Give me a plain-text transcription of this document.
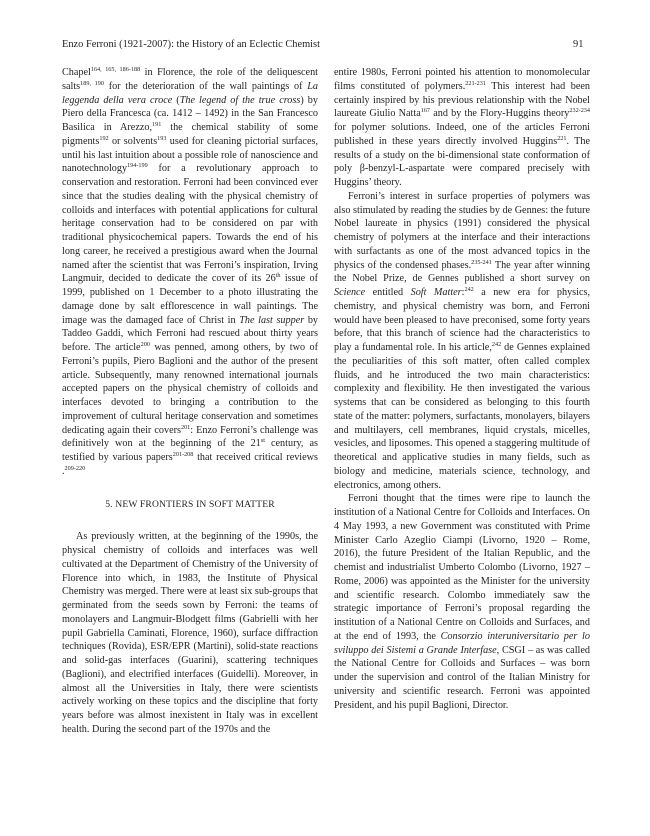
Enzo Ferroni (1921-2007): the History of an Eclectic Chemist	91

Chapel$^{164, 165, 186-188}$ in Florence, the role of the deliquescent salts$^{189, 190}$ for the deterioration of the wall paintings of La leggenda della vera croce (The legend of the true cross) by Piero della Francesca (ca. 1412 – 1492) in the San Francesco Basilica in Arezzo,$^{191}$ the chemical stability of some pigments$^{192}$ or solvents$^{193}$ used for cleaning pictorial surfaces, until his last intuition about a possible role of nanoscience and nanotechnology$^{194-199}$ for a revolutionary approach to conservation and restoration. Ferroni had been convinced ever since that the studies dealing with the physical chemistry of colloids and interfaces with potential applications for cultural heritage conservation had to be considered on par with traditional physicochemical papers. Towards the end of his long career, he received a prestigious award when the Journal named after the scientist that was Ferroni’s inspiration, Irving Langmuir, decided to dedicate the cover of its 26th issue of 1999, published on 1 December to a photo illustrating the damage done by salt efflorescence in wall paintings. The image was the damaged face of Christ in The last supper by Taddeo Gaddi, which Ferroni had rescued about thirty years before. The article$^{200}$ was penned, among others, by two of Ferroni’s pupils, Piero Baglioni and the author of the present article. Subsequently, many renowned international journals accepted papers on the physical chemistry of colloids and interfaces devoted to bringing a contribution to the improvement of cultural heritage conservation and sometimes dedicating again their covers$^{201}$: Enzo Ferroni’s challenge was definitively won at the beginning of the 21st century, as testified by various papers$^{201-208}$ that received critical reviews .$^{209-220}$

5. NEW FRONTIERS IN SOFT MATTER

As previously written, at the beginning of the 1990s, the physical chemistry of colloids and interfaces was well cultivated at the Department of Chemistry of the University of Florence into which, in 1983, the Institute of Physical Chemistry was merged. There were at least six sub-groups that germinated from the seeds sown by Ferroni: the teams of monolayers and Langmuir-Blodgett films (Gabrielli with her pupil Gabriella Caminati, Florence, 1960), surface diffraction techniques (Rovida), ESR/EPR (Martini), solid-state reactions and solid-gas interfaces (Guarini), scattering techniques (Baglioni), and electrified interfaces (Guidelli). Moreover, in almost all the Universities in Italy, there were scientists actively working on these topics and the discipline that forty years before was almost inexistent in Italy was in excellent health. During the second part of the 1970s and the

entire 1980s, Ferroni pointed his attention to monomolecular films constituted of polymers.$^{221-231}$ This interest had been certainly inspired by his previous relationship with the Nobel laureate Giulio Natta$^{167}$ and by the Flory-Huggins theory$^{232-234}$ for polymer solutions. Indeed, one of the articles Ferroni published in these years directly involved Huggins$^{221}$. The results of a study on the bi-dimensional state conformation of poly β-benzyl-L-aspartate were compared precisely with Huggins’ theory.

Ferroni’s interest in surface properties of polymers was also stimulated by reading the studies by de Gennes: the future Nobel laureate in physics (1991) considered the physical chemistry of polymers at the interface and their interactions with surfactants as one of the most advanced topics in the physics of the condensed phases.$^{235-241}$ The year after winning the Nobel Prize, de Gennes published a short survey on Science entitled Soft Matter:$^{242}$ a new era for physics, chemistry, and physical chemistry was born, and Ferroni would have been pleased to have preconised, some forty years before, that this branch of science had the characteristics to play a fundamental role. In his article,$^{242}$ de Gennes explained the peculiarities of this soft matter, often called complex fluids, and he introduced the two main characteristics: complexity and flexibility. He then investigated the various systems that can be considered as belonging to this fourth state of the matter: polymers, surfactants, monolayers, bilayers and multilayers, cell membranes, liquid crystals, micelles, vesicles, and liposomes. This opened a staggering multitude of theoretical and applicative studies in many fields, such as biology and medicine, materials science, technology, and electronics, among others.

Ferroni thought that the times were ripe to launch the institution of a National Centre for Colloids and Interfaces. On 4 May 1993, a new Government was constituted with Prime Minister Carlo Azeglio Ciampi (Livorno, 1920 – Rome, 2016), the future President of the Italian Republic, and the chemist and industrialist Umberto Colombo (Livorno, 1927 – Rome, 2006) was appointed as the Minister for the university and scientific research. Colombo immediately saw the strategic importance of Ferroni’s proposal regarding the institution of a National Centre on Colloids and Surfaces, and at the end of 1993, the Consorzio interuniversitario per lo sviluppo dei Sistemi a Grande Interfase, CSGI – as was called the National Centre for Colloids and Surfaces – was born under the supervision and control of the Italian Ministry for university and scientific research. Ferroni was appointed President, and his pupil Baglioni, Director.
